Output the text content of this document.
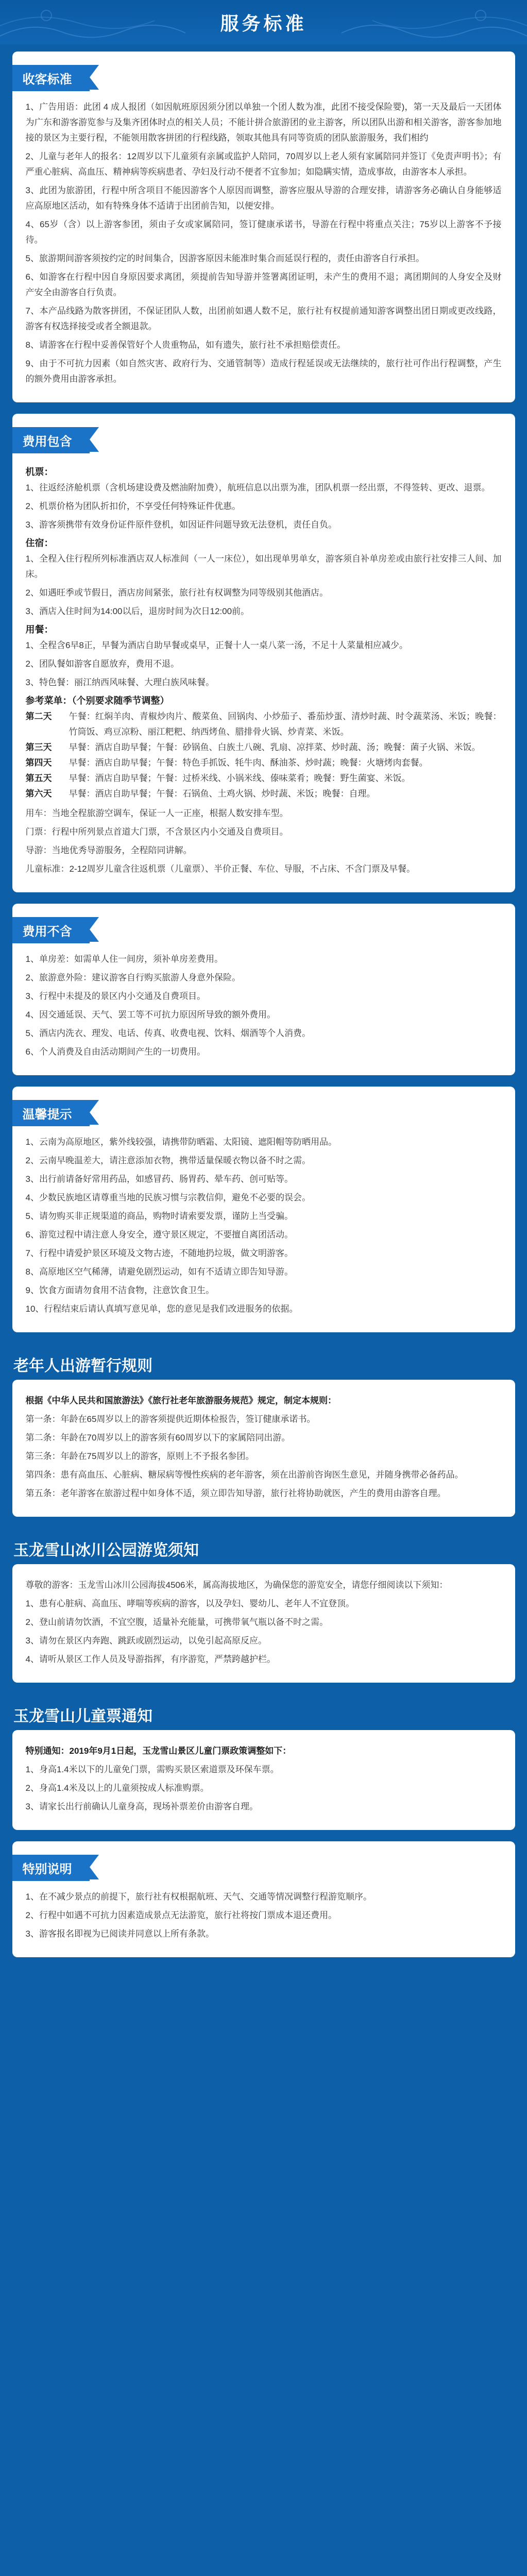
服务标准
收客标准
1、广告用语：此团 4 成人报团（如因航班原因须分团以单独一个团人数为准，此团不接受保险婴)，第一天及最后一天团体为广东和游客游览参与及集齐团体时点的相关人员；不能计拼合旅游团的业主游客，所以团队出游和相关游客，游客参加地接的景区为主要行程，不能领用散客拼团的行程线路，领取其他具有同等资质的团队旅游服务，我们相约
2、儿童与老年人的报名：12周岁以下儿童须有亲属或监护人陪同，70周岁以上老人须有家属陪同并签订《免责声明书》；有严重心脏病、高血压、精神病等疾病患者、孕妇及行动不便者不宜参加；如隐瞒实情，造成事故，由游客本人承担。
3、此团为旅游团，行程中所含项目不能因游客个人原因而调整，游客应服从导游的合理安排，请游客务必确认自身能够适应高原地区活动，如有特殊身体不适请于出团前告知，以便安排。
4、65岁（含）以上游客参团，须由子女或家属陪同，签订健康承诺书，导游在行程中将重点关注；75岁以上游客不予接待。
5、旅游期间游客须按约定的时间集合，因游客原因未能准时集合而延误行程的，责任由游客自行承担。
6、如游客在行程中因自身原因要求离团，须提前告知导游并签署离团证明，未产生的费用不退；离团期间的人身安全及财产安全由游客自行负责。
7、本产品线路为散客拼团，不保证团队人数，出团前如遇人数不足，旅行社有权提前通知游客调整出团日期或更改线路，游客有权选择接受或者全额退款。
8、请游客在行程中妥善保管好个人贵重物品，如有遗失，旅行社不承担赔偿责任。
9、由于不可抗力因素（如自然灾害、政府行为、交通管制等）造成行程延误或无法继续的，旅行社可作出行程调整，产生的额外费用由游客承担。
费用包含
机票：
1、往返经济舱机票（含机场建设费及燃油附加费），航班信息以出票为准，团队机票一经出票，不得签转、更改、退票。
2、机票价格为团队折扣价，不享受任何特殊证件优惠。
3、游客须携带有效身份证件原件登机，如因证件问题导致无法登机，责任自负。
住宿：
1、全程入住行程所列标准酒店双人标准间（一人一床位），如出现单男单女，游客须自补单房差或由旅行社安排三人间、加床。
2、如遇旺季或节假日，酒店房间紧张，旅行社有权调整为同等级别其他酒店。
3、酒店入住时间为14:00以后，退房时间为次日12:00前。
用餐：
1、全程含6早8正，早餐为酒店自助早餐或桌早，正餐十人一桌八菜一汤，不足十人菜量相应减少。
2、团队餐如游客自愿放弃，费用不退。
3、特色餐：丽江纳西风味餐、大理白族风味餐。
参考菜单：（个别要求随季节调整）
第二天	午餐：红焖羊肉、青椒炒肉片、酸菜鱼、回锅肉、小炒茄子、番茄炒蛋、清炒时蔬、时令蔬菜汤、米饭；晚餐：竹筒饭、鸡豆凉粉、丽江粑粑、纳西烤鱼、腊排骨火锅、炒青菜、米饭。
第三天	早餐：酒店自助早餐；午餐：砂锅鱼、白族土八碗、乳扇、凉拌菜、炒时蔬、汤；晚餐：菌子火锅、米饭。
第四天	早餐：酒店自助早餐；午餐：特色手抓饭、牦牛肉、酥油茶、炒时蔬；晚餐：火塘烤肉套餐。
第五天	早餐：酒店自助早餐；午餐：过桥米线、小锅米线、傣味菜肴；晚餐：野生菌宴、米饭。
第六天	早餐：酒店自助早餐；午餐：石锅鱼、土鸡火锅、炒时蔬、米饭；晚餐：自理。
用车：当地全程旅游空调车，保证一人一正座，根据人数安排车型。
门票：行程中所列景点首道大门票，不含景区内小交通及自费项目。
导游：当地优秀导游服务，全程陪同讲解。
儿童标准：2-12周岁儿童含往返机票（儿童票）、半价正餐、车位、导服，不占床、不含门票及早餐。
费用不含
1、单房差：如需单人住一间房，须补单房差费用。
2、旅游意外险：建议游客自行购买旅游人身意外保险。
3、行程中未提及的景区内小交通及自费项目。
4、因交通延误、天气、罢工等不可抗力原因所导致的额外费用。
5、酒店内洗衣、理发、电话、传真、收费电视、饮料、烟酒等个人消费。
6、个人消费及自由活动期间产生的一切费用。
温馨提示
1、云南为高原地区，紫外线较强，请携带防晒霜、太阳镜、遮阳帽等防晒用品。
2、云南早晚温差大，请注意添加衣物，携带适量保暖衣物以备不时之需。
3、出行前请备好常用药品，如感冒药、肠胃药、晕车药、创可贴等。
4、少数民族地区请尊重当地的民族习惯与宗教信仰，避免不必要的误会。
5、请勿购买非正规渠道的商品，购物时请索要发票，谨防上当受骗。
6、游览过程中请注意人身安全，遵守景区规定，不要擅自离团活动。
7、行程中请爱护景区环境及文物古迹，不随地扔垃圾，做文明游客。
8、高原地区空气稀薄，请避免剧烈运动，如有不适请立即告知导游。
9、饮食方面请勿食用不洁食物，注意饮食卫生。
10、行程结束后请认真填写意见单，您的意见是我们改进服务的依据。
老年人出游暂行规则
根据《中华人民共和国旅游法》《旅行社老年旅游服务规范》规定，制定本规则：
第一条：年龄在65周岁以上的游客须提供近期体检报告，签订健康承诺书。
第二条：年龄在70周岁以上的游客须有60周岁以下的家属陪同出游。
第三条：年龄在75周岁以上的游客，原则上不予报名参团。
第四条：患有高血压、心脏病、糖尿病等慢性疾病的老年游客，须在出游前咨询医生意见，并随身携带必备药品。
第五条：老年游客在旅游过程中如身体不适，须立即告知导游，旅行社将协助就医，产生的费用由游客自理。
玉龙雪山冰川公园游览须知
尊敬的游客：玉龙雪山冰川公园海拔4506米，属高海拔地区，为确保您的游览安全，请您仔细阅读以下须知：
1、患有心脏病、高血压、哮喘等疾病的游客，以及孕妇、婴幼儿、老年人不宜登顶。
2、登山前请勿饮酒，不宜空腹，适量补充能量，可携带氧气瓶以备不时之需。
3、请勿在景区内奔跑、跳跃或剧烈运动，以免引起高原反应。
4、请听从景区工作人员及导游指挥，有序游览，严禁跨越护栏。
玉龙雪山儿童票通知
特别通知：2019年9月1日起，玉龙雪山景区儿童门票政策调整如下：
1、身高1.4米以下的儿童免门票，需购买景区索道票及环保车票。
2、身高1.4米及以上的儿童须按成人标准购票。
3、请家长出行前确认儿童身高，现场补票差价由游客自理。
特别说明
1、在不减少景点的前提下，旅行社有权根据航班、天气、交通等情况调整行程游览顺序。
2、行程中如遇不可抗力因素造成景点无法游览，旅行社将按门票成本退还费用。
3、游客报名即视为已阅读并同意以上所有条款。
